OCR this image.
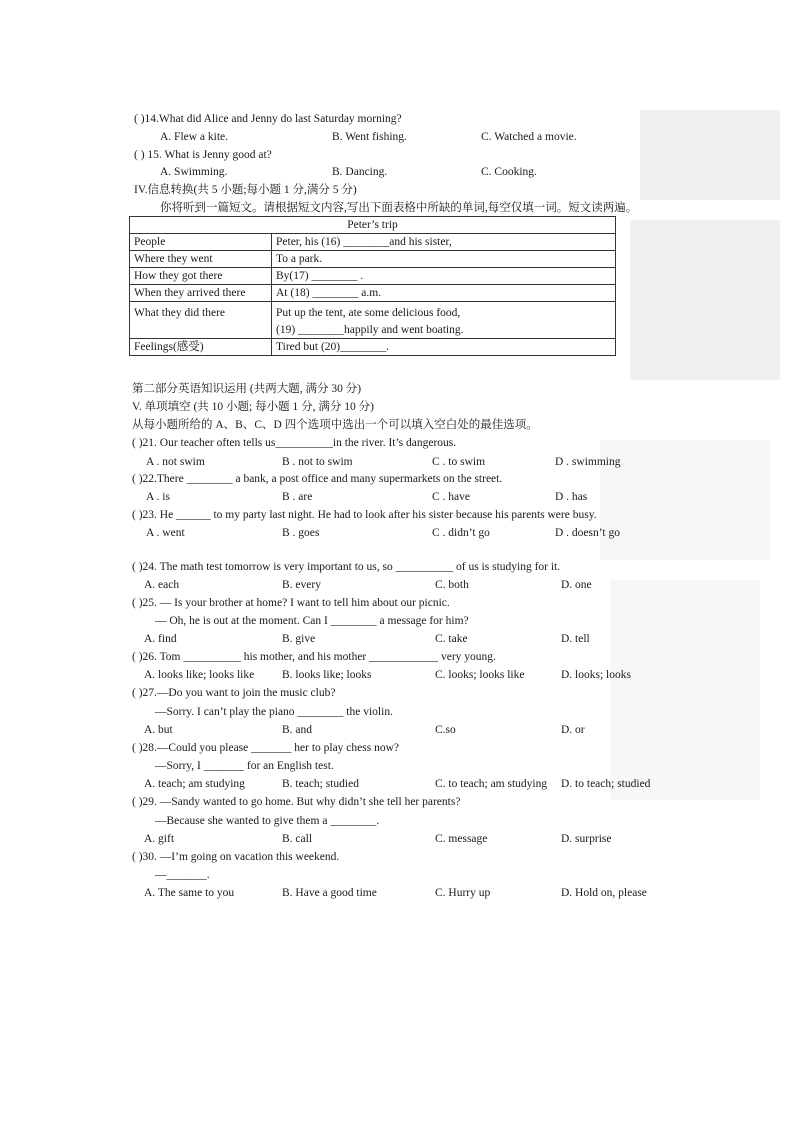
( )14.What did Alice and Jenny do last Saturday morning?
A. Flew a kite.	B. Went fishing.	C. Watched a movie.
( ) 15. What is Jenny good at?
A. Swimming.	B. Dancing.	C. Cooking.
IV.信息转换(共 5 小题;每小题 1 分,满分 5 分)
你将听到一篇短文。请根据短文内容,写出下面表格中所缺的单词,每空仅填一词。短文读两遍。
Peter’s trip	
People	Peter, his (16) ________and his sister,
Where they went	To a park.
How they got there	By(17) ________ .
When they arrived there	At (18) ________ a.m.
What they did there	Put up the tent, ate some delicious food,
(19) ________happily and went boating.

Feelings(感受)	Tired but (20)________.
第二部分英语知识运用 (共两大题, 满分 30 分)
V. 单项填空 (共 10 小题; 每小题 1 分, 满分 10 分)
从每小题所给的 A、B、C、D 四个选项中选出一个可以填入空白处的最佳选项。
( )21. Our teacher often tells us__________in the river. It’s dangerous.
A . not swim	B . not to swim	C . to swim	D . swimming
( )22.There ________ a bank, a post office and many supermarkets on the street.
A . is	B . are	C . have	D . has
( )23. He ______ to my party last night. He had to look after his sister because his parents were busy.
A . went	B . goes	C . didn’t go	D . doesn’t go
( )24. The math test tomorrow is very important to us, so __________ of us is studying for it.
A. each	B. every	C. both	D. one
( )25. — Is your brother at home? I want to tell him about our picnic.
— Oh, he is out at the moment. Can I ________ a message for him?
A. find	B. give	C. take	D. tell
( )26. Tom __________ his mother, and his mother ____________ very young.
A. looks like; looks like B. looks like; looks	C. looks; looks like	D. looks; looks
( )27.—Do you want to join the music club?
—Sorry. I can’t play the piano ________ the violin.
A. but	B. and	C.so	D. or
( )28.—Could you please _______ her to play chess now?
—Sorry, I _______ for an English test.
A. teach; am studying	B. teach; studied	C. to teach; am studying D. to teach; studied
( )29. —Sandy wanted to go home. But why didn’t she tell her parents?
—Because she wanted to give them a ________.
A. gift	B. call	C. message	D. surprise
( )30. —I’m going on vacation this weekend.
—_______.
A. The same to you	B. Have a good time	C. Hurry up	D. Hold on, please
